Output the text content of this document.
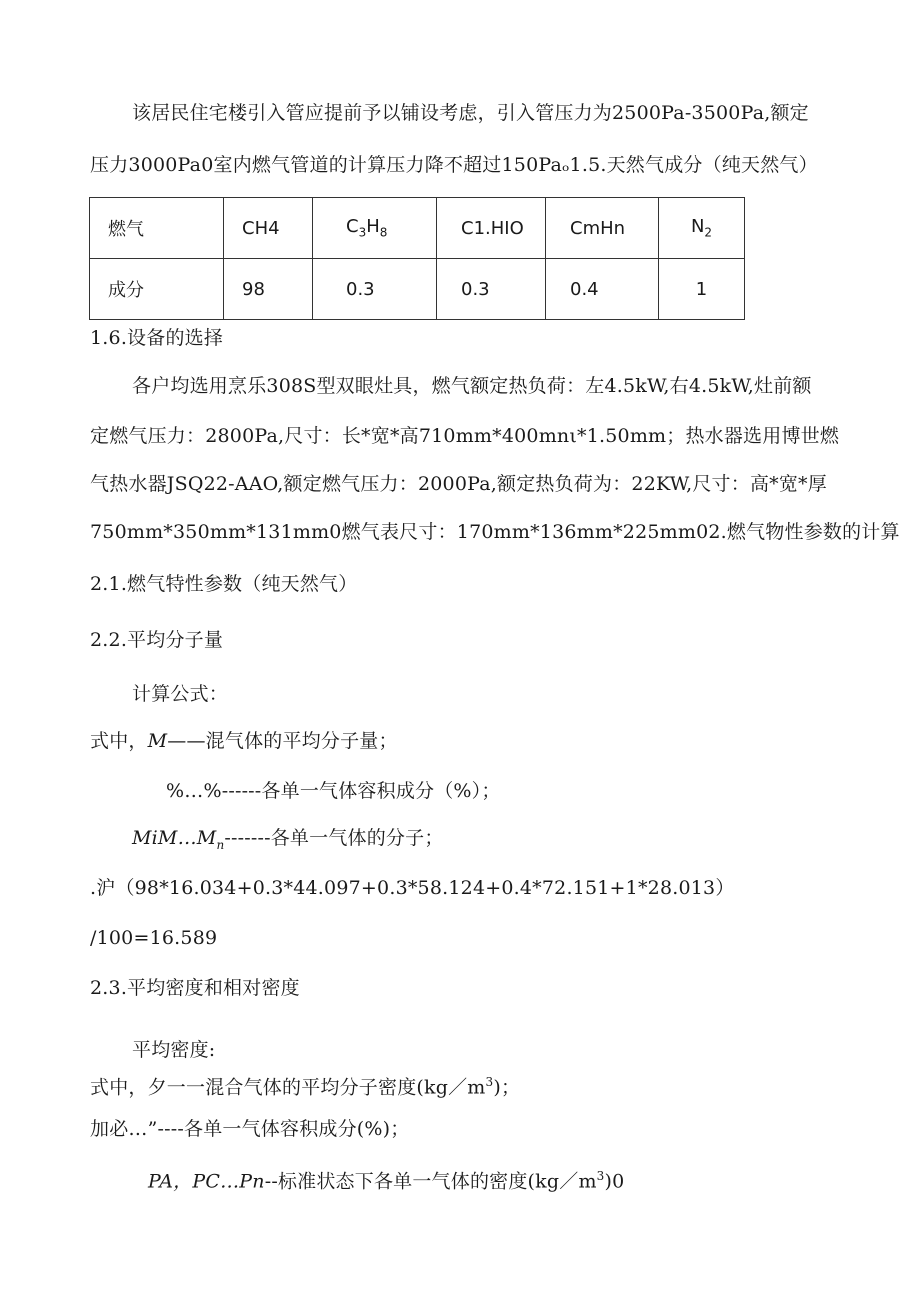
该居民住宅楼引入管应提前予以铺设考虑，引入管压力为2500Pa-3500Pa,额定
压力3000Pa0室内燃气管道的计算压力降不超过150Paₒ1.5.天然气成分（纯天然气）
燃气	CH4	$C_3H_8$	C1.HIO	CmHn	$N_2$
成分	98	0.3	0.3	0.4	1
1.6.设备的选择
各户均选用烹乐308S型双眼灶具，燃气额定热负荷：左4.5kW,右4.5kW,灶前额
定燃气压力：2800Pa,尺寸：长*宽*高710mm*400mnι*1.50mm；热水器选用博世燃
气热水器JSQ22-AAO,额定燃气压力：2000Pa,额定热负荷为：22KW,尺寸：高*宽*厚
750mm*350mm*131mm0燃气表尺寸：170mm*136mm*225mm02.燃气物性参数的计算
2.1.燃气特性参数（纯天然气）
2.2.平均分子量
计算公式：
式中，M——混气体的平均分子量；
%…%------各单一气体容积成分（%）；
$MiM\dots M_n-------$各单一气体的分子；
.沪（98*16.034+0.3*44.097+0.3*58.124+0.4*72.151+1*28.013）
/100=16.589
2.3.平均密度和相对密度
平均密度:
式中，夕一一混合气体的平均分子密度$(kg/m^3)$；
加必…”----各单一气体容积成分(%)；
PA，PC…Pn--标准状态下各单一气体的密度$(kg/m^3)0$
